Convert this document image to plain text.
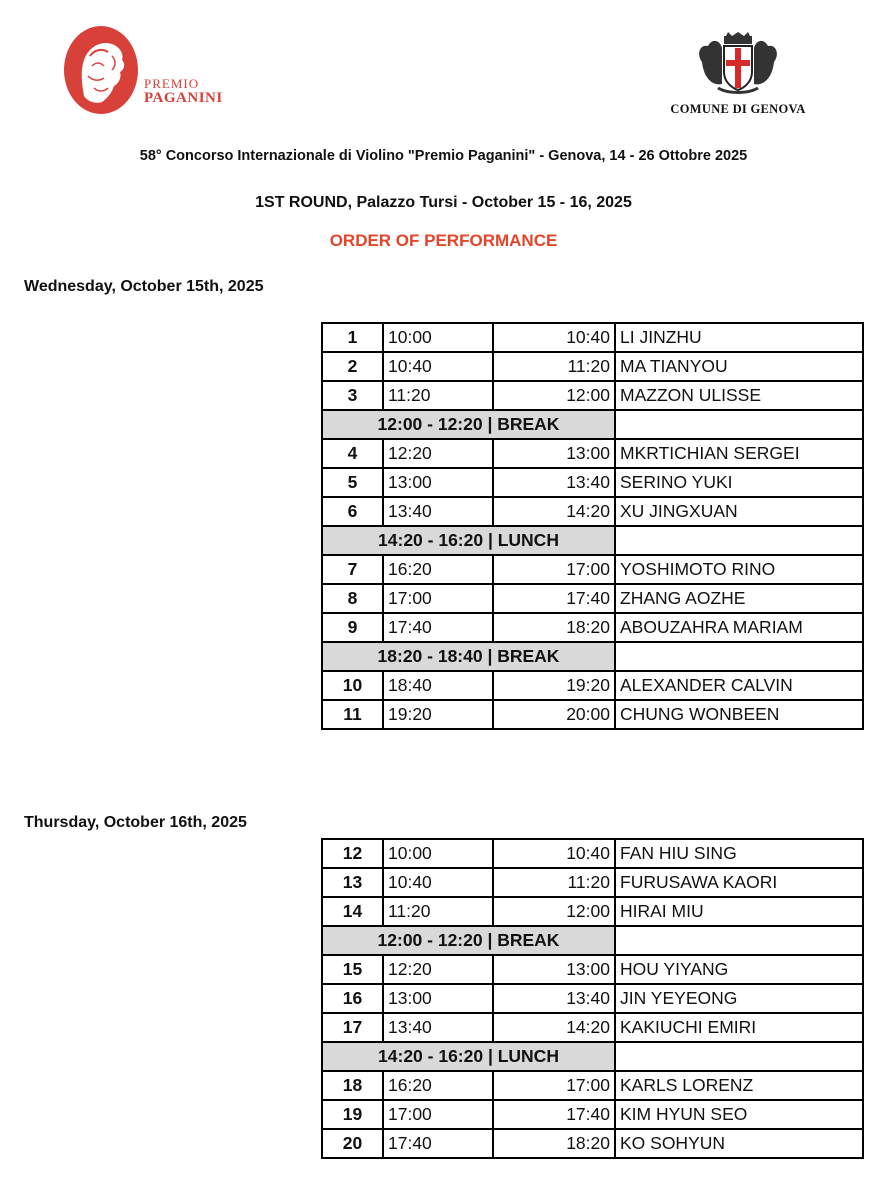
PREMIO
PAGANINI
COMUNE DI GENOVA
58° Concorso Internazionale di Violino "Premio Paganini" - Genova, 14 - 26 Ottobre 2025
1ST ROUND, Palazzo Tursi - October 15 - 16, 2025
ORDER OF PERFORMANCE
Wednesday, October 15th, 2025
1	10:00	10:40	LI JINZHU
2	10:40	11:20	MA TIANYOU
3	11:20	12:00	MAZZON ULISSE
12:00 - 12:20 | BREAK			
4	12:20	13:00	MKRTICHIAN SERGEI
5	13:00	13:40	SERINO YUKI
6	13:40	14:20	XU JINGXUAN
14:20 - 16:20 | LUNCH			
7	16:20	17:00	YOSHIMOTO RINO
8	17:00	17:40	ZHANG AOZHE
9	17:40	18:20	ABOUZAHRA MARIAM
18:20 - 18:40 | BREAK			
10	18:40	19:20	ALEXANDER CALVIN
11	19:20	20:00	CHUNG WONBEEN
Thursday, October 16th, 2025
12	10:00	10:40	FAN HIU SING
13	10:40	11:20	FURUSAWA KAORI
14	11:20	12:00	HIRAI MIU
12:00 - 12:20 | BREAK			
15	12:20	13:00	HOU YIYANG
16	13:00	13:40	JIN YEYEONG
17	13:40	14:20	KAKIUCHI EMIRI
14:20 - 16:20 | LUNCH			
18	16:20	17:00	KARLS LORENZ
19	17:00	17:40	KIM HYUN SEO
20	17:40	18:20	KO SOHYUN
